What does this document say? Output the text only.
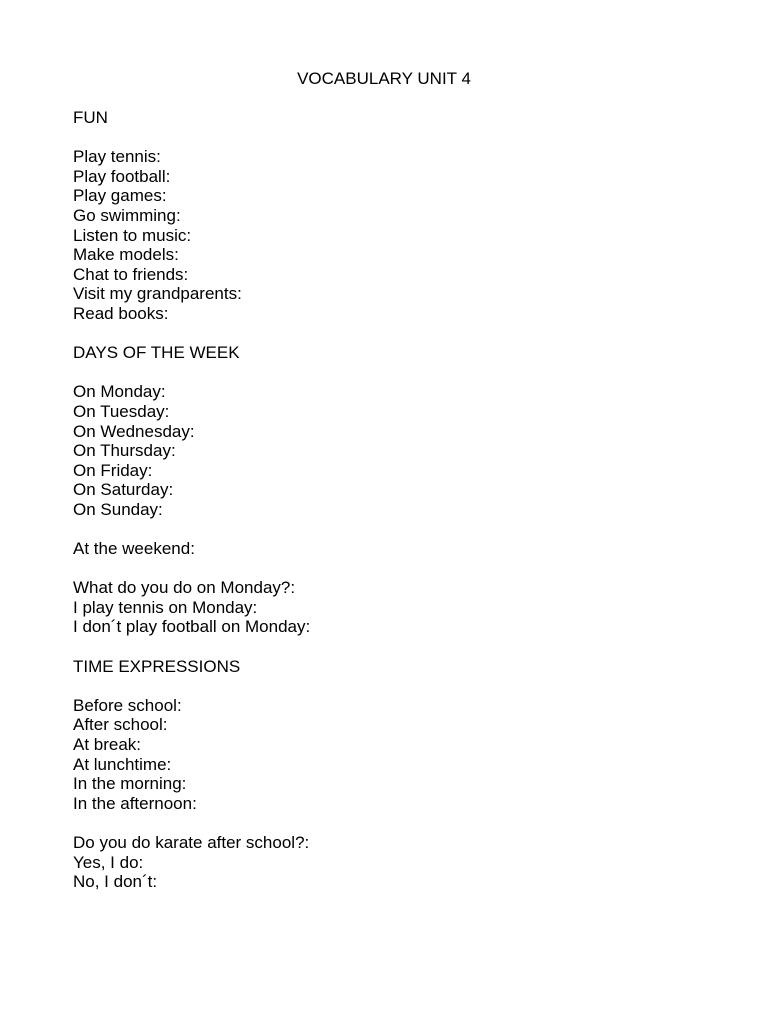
VOCABULARY UNIT 4
FUN
Play tennis:
Play football:
Play games:
Go swimming:
Listen to music:
Make models:
Chat to friends:
Visit my grandparents:
Read books:
DAYS OF THE WEEK
On Monday:
On Tuesday:
On Wednesday:
On Thursday:
On Friday:
On Saturday:
On Sunday:
At the weekend:
What do you do on Monday?:
I play tennis on Monday:
I don´t play football on Monday:
TIME EXPRESSIONS
Before school:
After school:
At break:
At lunchtime:
In the morning:
In the afternoon:
Do you do karate after school?:
Yes, I do:
No, I don´t:
